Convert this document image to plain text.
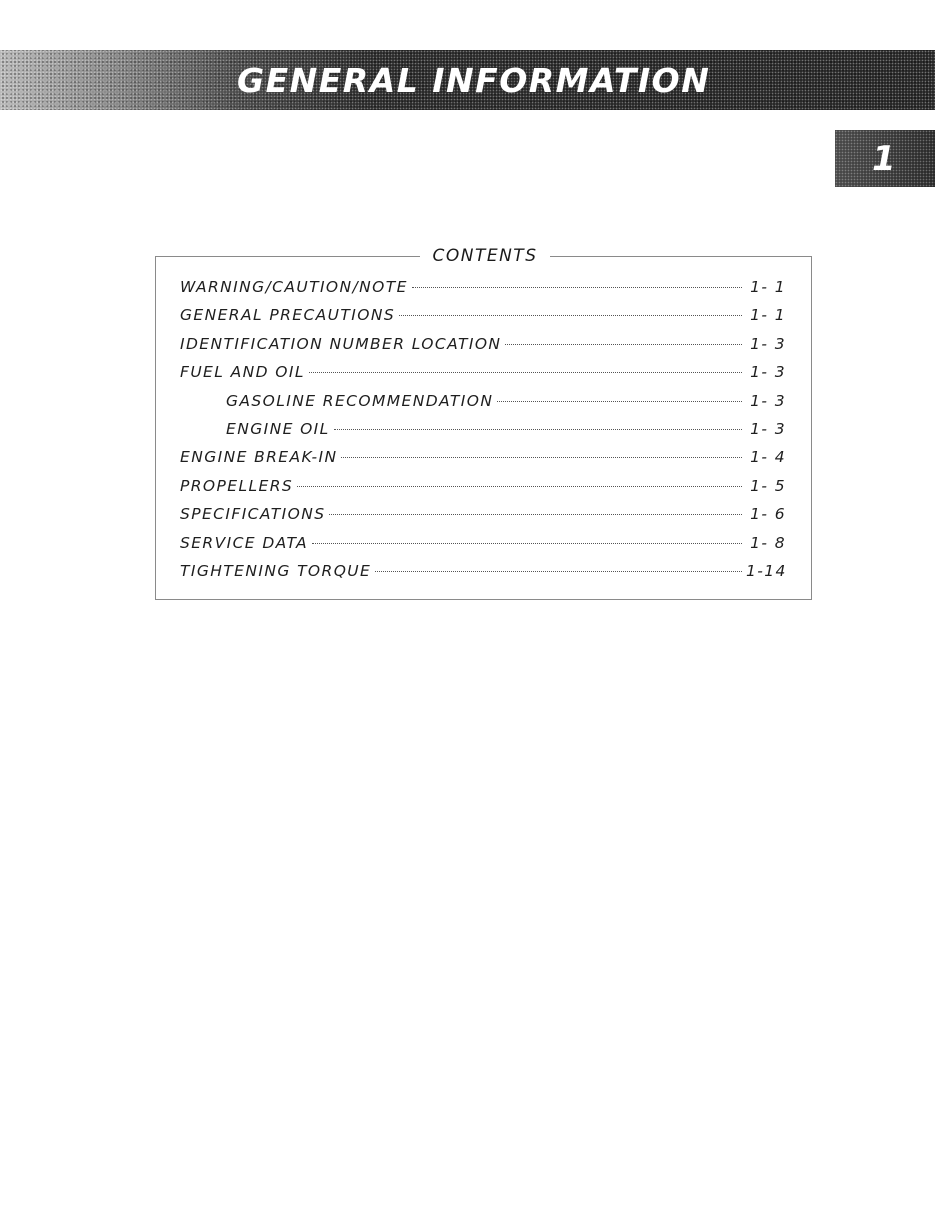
GENERAL INFORMATION
1
CONTENTS
WARNING/CAUTION/NOTE	1- 1
GENERAL PRECAUTIONS	1- 1
IDENTIFICATION NUMBER LOCATION	1- 3
FUEL AND OIL	1- 3
GASOLINE RECOMMENDATION	1- 3
ENGINE OIL	1- 3
ENGINE BREAK-IN	1- 4
PROPELLERS	1- 5
SPECIFICATIONS	1- 6
SERVICE DATA	1- 8
TIGHTENING TORQUE	1-14
